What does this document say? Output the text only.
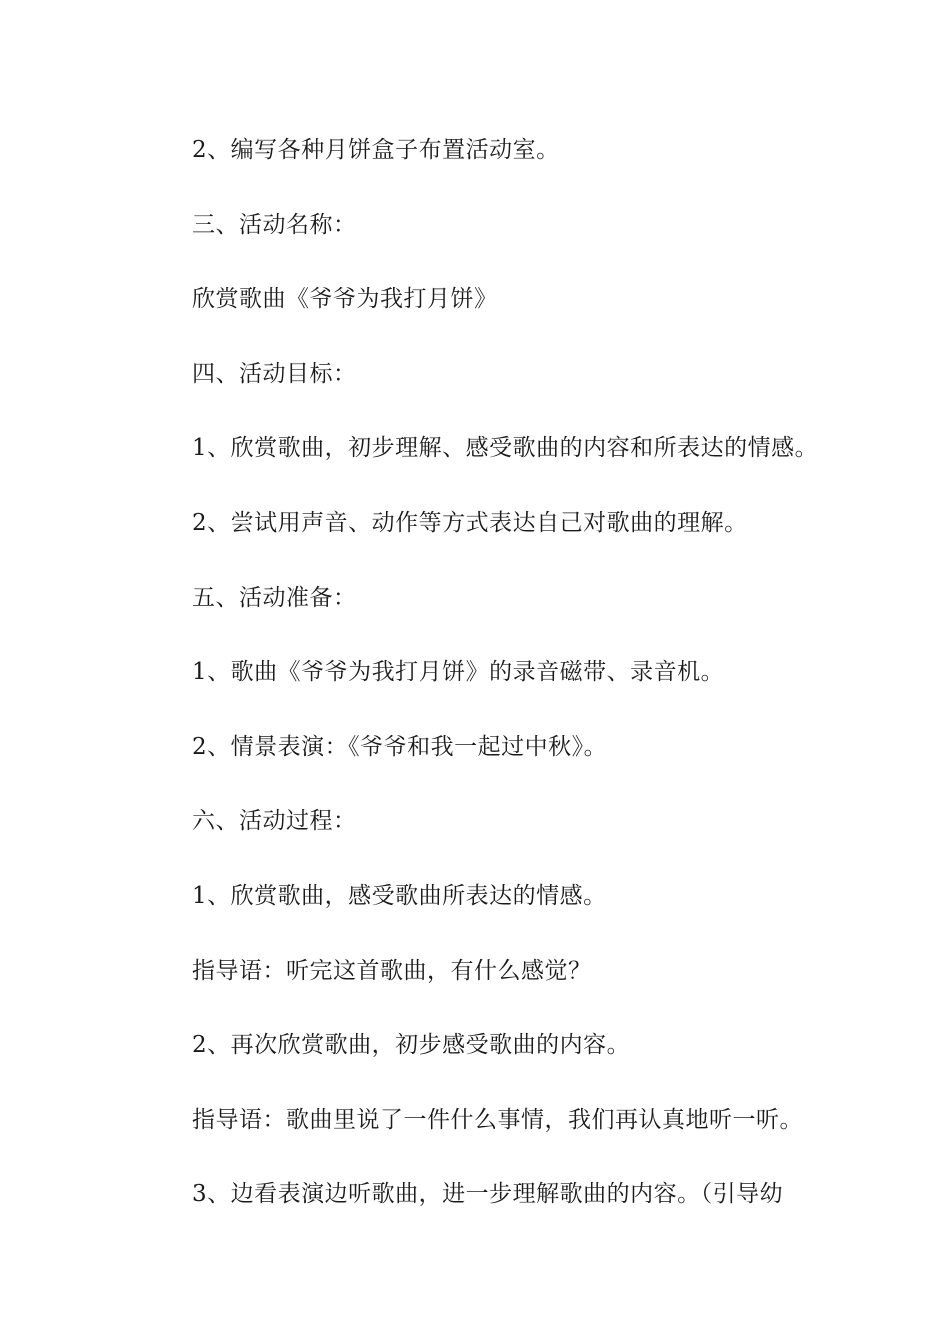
2、编写各种月饼盒子布置活动室。

三、活动名称：

欣赏歌曲《爷爷为我打月饼》

四、活动目标：

1、欣赏歌曲，初步理解、感受歌曲的内容和所表达的情感。

2、尝试用声音、动作等方式表达自己对歌曲的理解。

五、活动准备：

1、歌曲《爷爷为我打月饼》的录音磁带、录音机。

2、情景表演：《爷爷和我一起过中秋》。

六、活动过程：

1、欣赏歌曲，感受歌曲所表达的情感。

指导语：听完这首歌曲，有什么感觉？

2、再次欣赏歌曲，初步感受歌曲的内容。

指导语：歌曲里说了一件什么事情，我们再认真地听一听。

3、边看表演边听歌曲，进一步理解歌曲的内容。（引导幼
